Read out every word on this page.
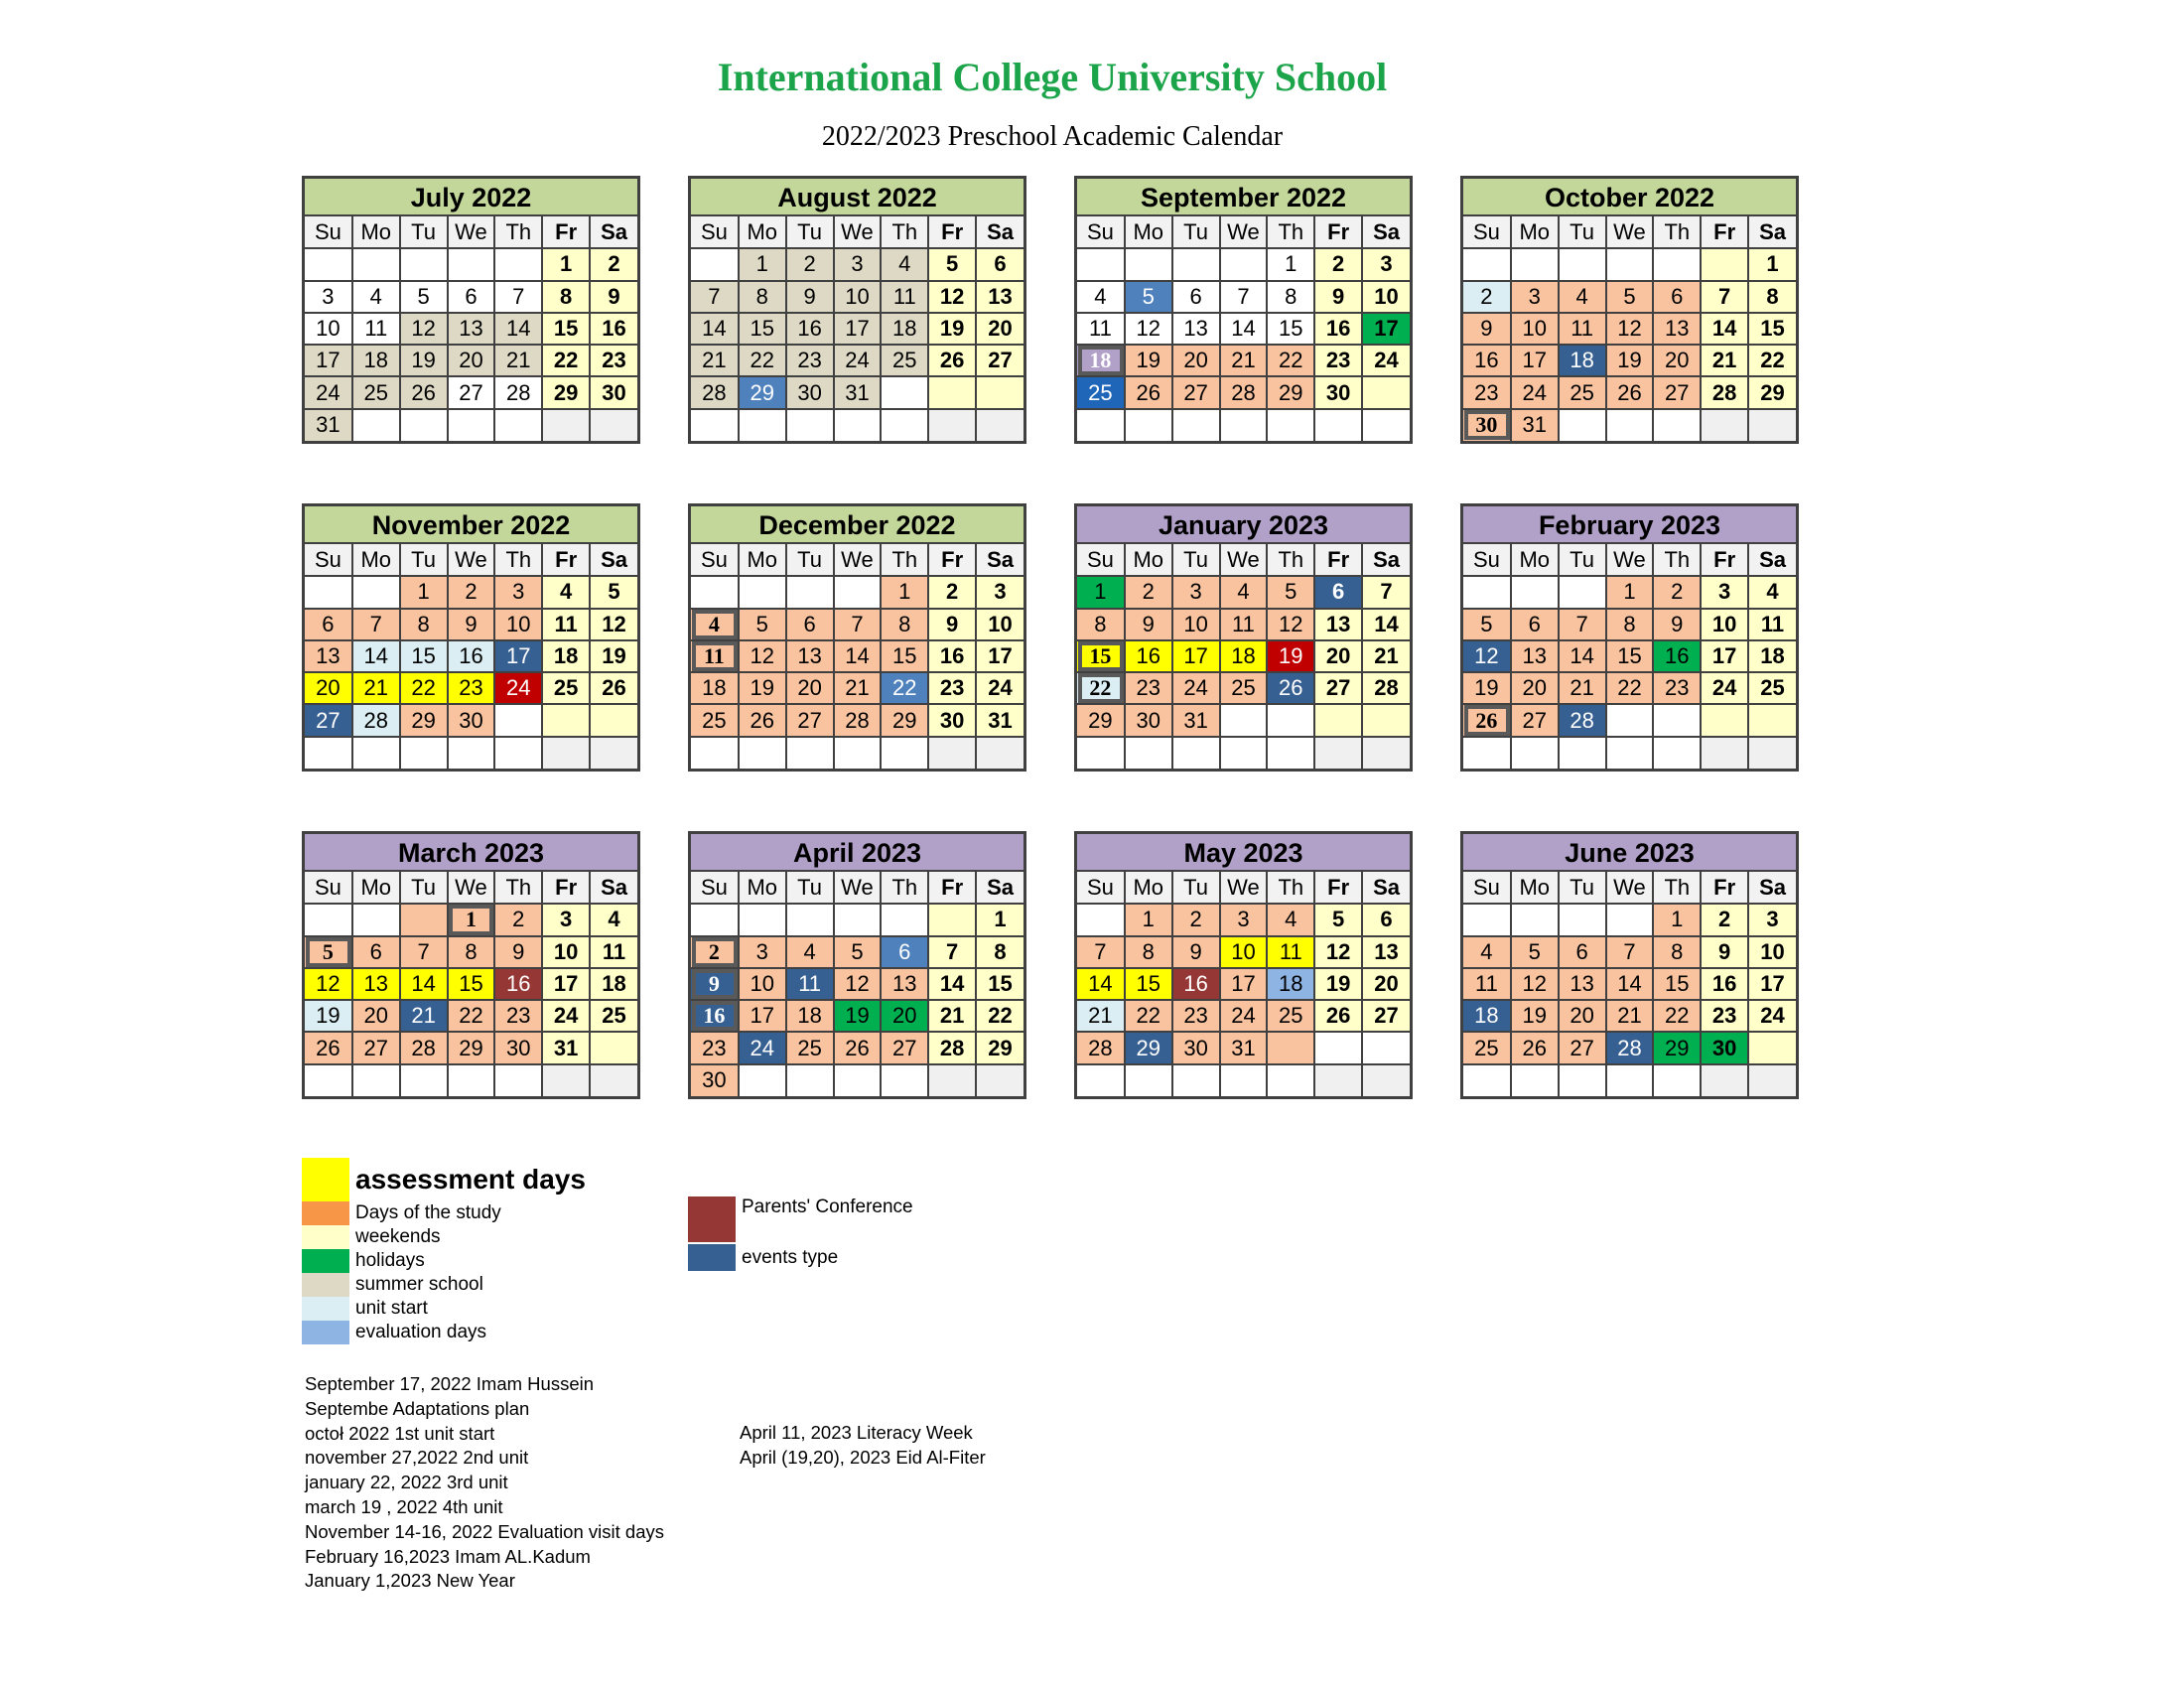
International College University School
2022/2023 Preschool Academic Calendar
July 2022
Su	Mo	Tu	We	Th	Fr	Sa
					1	2
3	4	5	6	7	8	9
10	11	12	13	14	15	16
17	18	19	20	21	22	23
24	25	26	27	28	29	30
31						
August 2022
Su	Mo	Tu	We	Th	Fr	Sa
	1	2	3	4	5	6
7	8	9	10	11	12	13
14	15	16	17	18	19	20
21	22	23	24	25	26	27
28	29	30	31			

September 2022
Su	Mo	Tu	We	Th	Fr	Sa
				1	2	3
4	5	6	7	8	9	10
11	12	13	14	15	16	17
18	19	20	21	22	23	24
25	26	27	28	29	30	

October 2022
Su	Mo	Tu	We	Th	Fr	Sa
						1
2	3	4	5	6	7	8
9	10	11	12	13	14	15
16	17	18	19	20	21	22
23	24	25	26	27	28	29
30	31					
November 2022
Su	Mo	Tu	We	Th	Fr	Sa
		1	2	3	4	5
6	7	8	9	10	11	12
13	14	15	16	17	18	19
20	21	22	23	24	25	26
27	28	29	30			

December 2022
Su	Mo	Tu	We	Th	Fr	Sa
				1	2	3
4	5	6	7	8	9	10
11	12	13	14	15	16	17
18	19	20	21	22	23	24
25	26	27	28	29	30	31

January 2023
Su	Mo	Tu	We	Th	Fr	Sa
1	2	3	4	5	6	7
8	9	10	11	12	13	14
15	16	17	18	19	20	21
22	23	24	25	26	27	28
29	30	31				

February 2023
Su	Mo	Tu	We	Th	Fr	Sa
			1	2	3	4
5	6	7	8	9	10	11
12	13	14	15	16	17	18
19	20	21	22	23	24	25
26	27	28				

March 2023
Su	Mo	Tu	We	Th	Fr	Sa
			1	2	3	4
5	6	7	8	9	10	11
12	13	14	15	16	17	18
19	20	21	22	23	24	25
26	27	28	29	30	31	

April 2023
Su	Mo	Tu	We	Th	Fr	Sa
						1
2	3	4	5	6	7	8
9	10	11	12	13	14	15
16	17	18	19	20	21	22
23	24	25	26	27	28	29
30						
May 2023
Su	Mo	Tu	We	Th	Fr	Sa
	1	2	3	4	5	6
7	8	9	10	11	12	13
14	15	16	17	18	19	20
21	22	23	24	25	26	27
28	29	30	31			

June 2023
Su	Mo	Tu	We	Th	Fr	Sa
				1	2	3
4	5	6	7	8	9	10
11	12	13	14	15	16	17
18	19	20	21	22	23	24
25	26	27	28	29	30	

assessment days
Days of the study
weekends
holidays
summer school
unit start
evaluation days
Parents' Conference
events type
September 17, 2022 Imam Hussein
Septembe Adaptations plan
octoł 2022 1st unit start
november 27,2022 2nd unit
january 22, 2022 3rd unit
march 19 , 2022 4th unit
November 14-16, 2022 Evaluation visit days
February 16,2023 Imam AL.Kadum
January 1,2023 New Year
April 11, 2023 Literacy Week
April (19,20), 2023 Eid Al-Fiter
